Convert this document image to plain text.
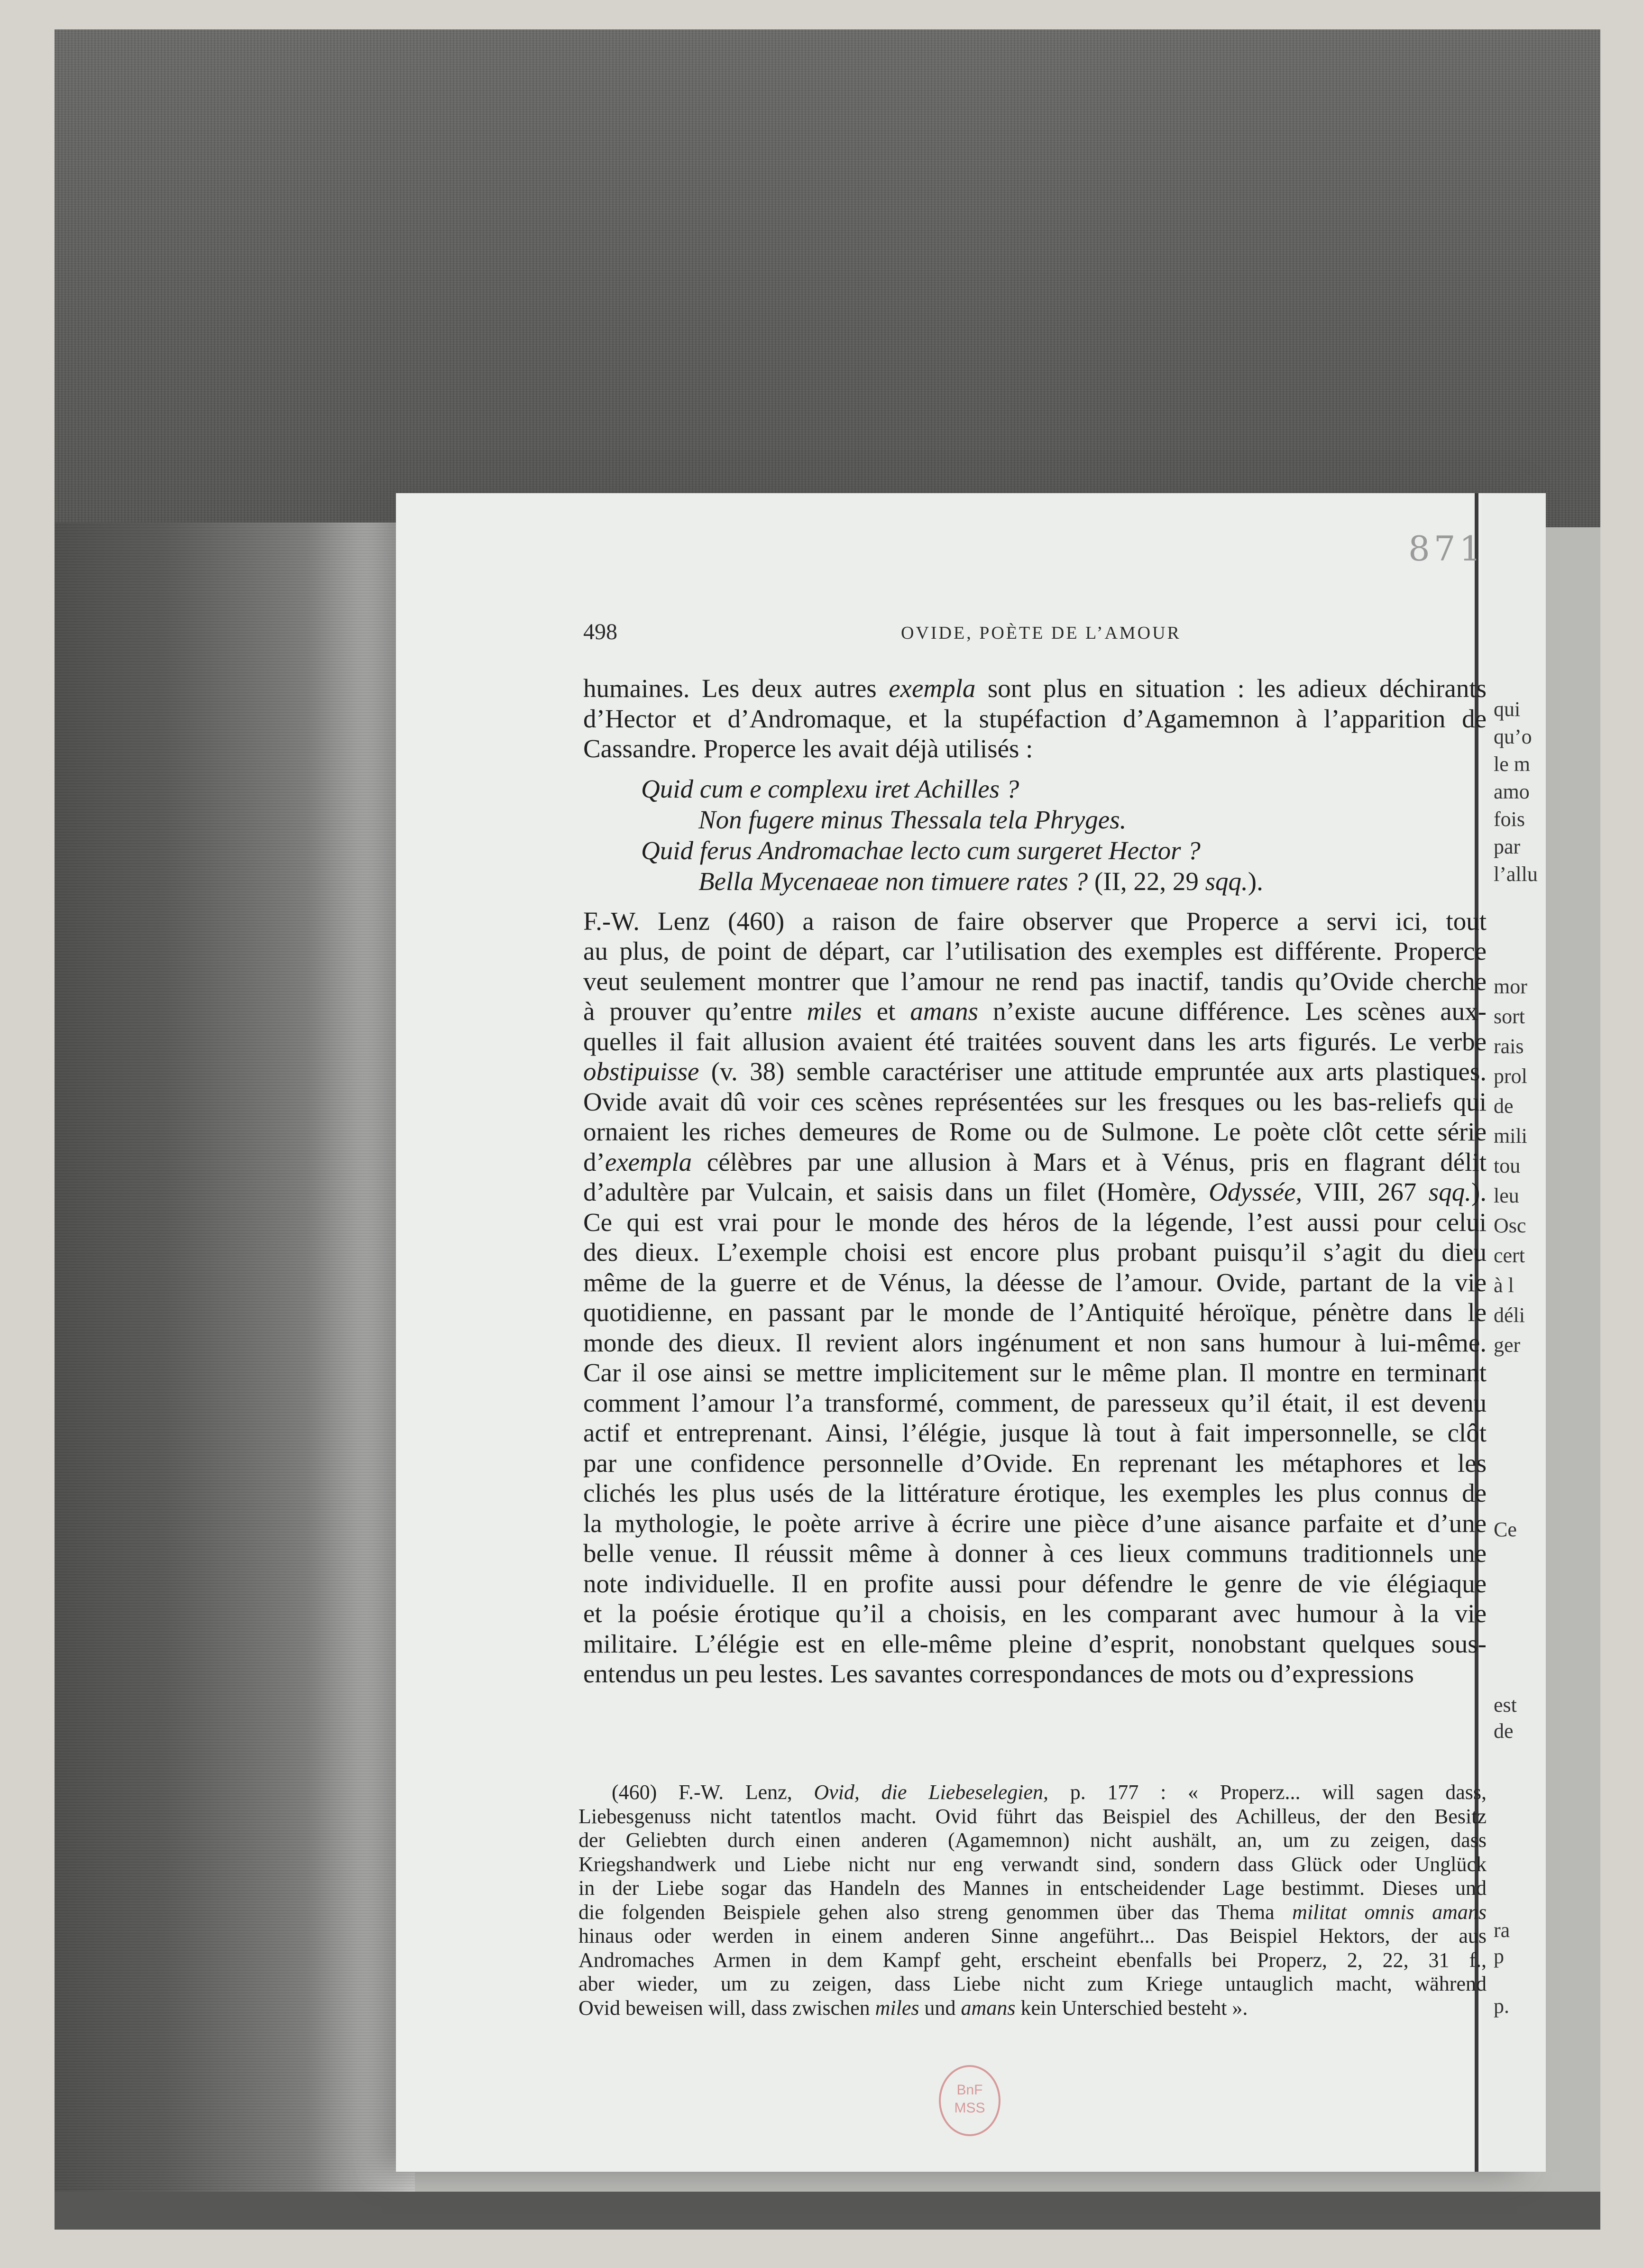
qui
qu’o
le m
amo
fois
par
l’allu
mor
sort
rais
prol
de
mili
tou
leu
Osc
cert
à l
déli
ger
Ce
est
de
ra
p
p.
871
498	OVIDE, POÈTE DE L’AMOUR
humaines. Les deux autres exempla sont plus en situation : les adieux déchirants
d’Hector et d’Andromaque, et la stupéfaction d’Agamemnon à l’apparition de
Cassandre. Properce les avait déjà utilisés :
Quid cum e complexu iret Achilles ?
Non fugere minus Thessala tela Phryges.
Quid ferus Andromachae lecto cum surgeret Hector ?
Bella Mycenaeae non timuere rates ? (II, 22, 29 sqq.).
F.-W. Lenz (460) a raison de faire observer que Properce a servi ici, tout
au plus, de point de départ, car l’utilisation des exemples est différente. Properce
veut seulement montrer que l’amour ne rend pas inactif, tandis qu’Ovide cherche
à prouver qu’entre miles et amans n’existe aucune différence. Les scènes aux-
quelles il fait allusion avaient été traitées souvent dans les arts figurés. Le verbe
obstipuisse (v. 38) semble caractériser une attitude empruntée aux arts plastiques.
Ovide avait dû voir ces scènes représentées sur les fresques ou les bas-reliefs qui
ornaient les riches demeures de Rome ou de Sulmone. Le poète clôt cette série
d’exempla célèbres par une allusion à Mars et à Vénus, pris en flagrant délit
d’adultère par Vulcain, et saisis dans un filet (Homère, Odyssée, VIII, 267 sqq.).
Ce qui est vrai pour le monde des héros de la légende, l’est aussi pour celui
des dieux. L’exemple choisi est encore plus probant puisqu’il s’agit du dieu
même de la guerre et de Vénus, la déesse de l’amour. Ovide, partant de la vie
quotidienne, en passant par le monde de l’Antiquité héroïque, pénètre dans le
monde des dieux. Il revient alors ingénument et non sans humour à lui-même.
Car il ose ainsi se mettre implicitement sur le même plan. Il montre en terminant
comment l’amour l’a transformé, comment, de paresseux qu’il était, il est devenu
actif et entreprenant. Ainsi, l’élégie, jusque là tout à fait impersonnelle, se clôt
par une confidence personnelle d’Ovide. En reprenant les métaphores et les
clichés les plus usés de la littérature érotique, les exemples les plus connus de
la mythologie, le poète arrive à écrire une pièce d’une aisance parfaite et d’une
belle venue. Il réussit même à donner à ces lieux communs traditionnels une
note individuelle. Il en profite aussi pour défendre le genre de vie élégiaque
et la poésie érotique qu’il a choisis, en les comparant avec humour à la vie
militaire. L’élégie est en elle-même pleine d’esprit, nonobstant quelques sous-
entendus un peu lestes. Les savantes correspondances de mots ou d’expressions
(460) F.-W. Lenz, Ovid, die Liebeselegien, p. 177 : « Properz... will sagen dass,
Liebesgenuss nicht tatentlos macht. Ovid führt das Beispiel des Achilleus, der den Besitz
der Geliebten durch einen anderen (Agamemnon) nicht aushält, an, um zu zeigen, dass
Kriegshandwerk und Liebe nicht nur eng verwandt sind, sondern dass Glück oder Unglück
in der Liebe sogar das Handeln des Mannes in entscheidender Lage bestimmt. Dieses und
die folgenden Beispiele gehen also streng genommen über das Thema militat omnis amans
hinaus oder werden in einem anderen Sinne angeführt... Das Beispiel Hektors, der aus
Andromaches Armen in dem Kampf geht, erscheint ebenfalls bei Properz, 2, 22, 31 f.,
aber wieder, um zu zeigen, dass Liebe nicht zum Kriege untauglich macht, während
Ovid beweisen will, dass zwischen miles und amans kein Unterschied besteht ».
BnF
MSS
